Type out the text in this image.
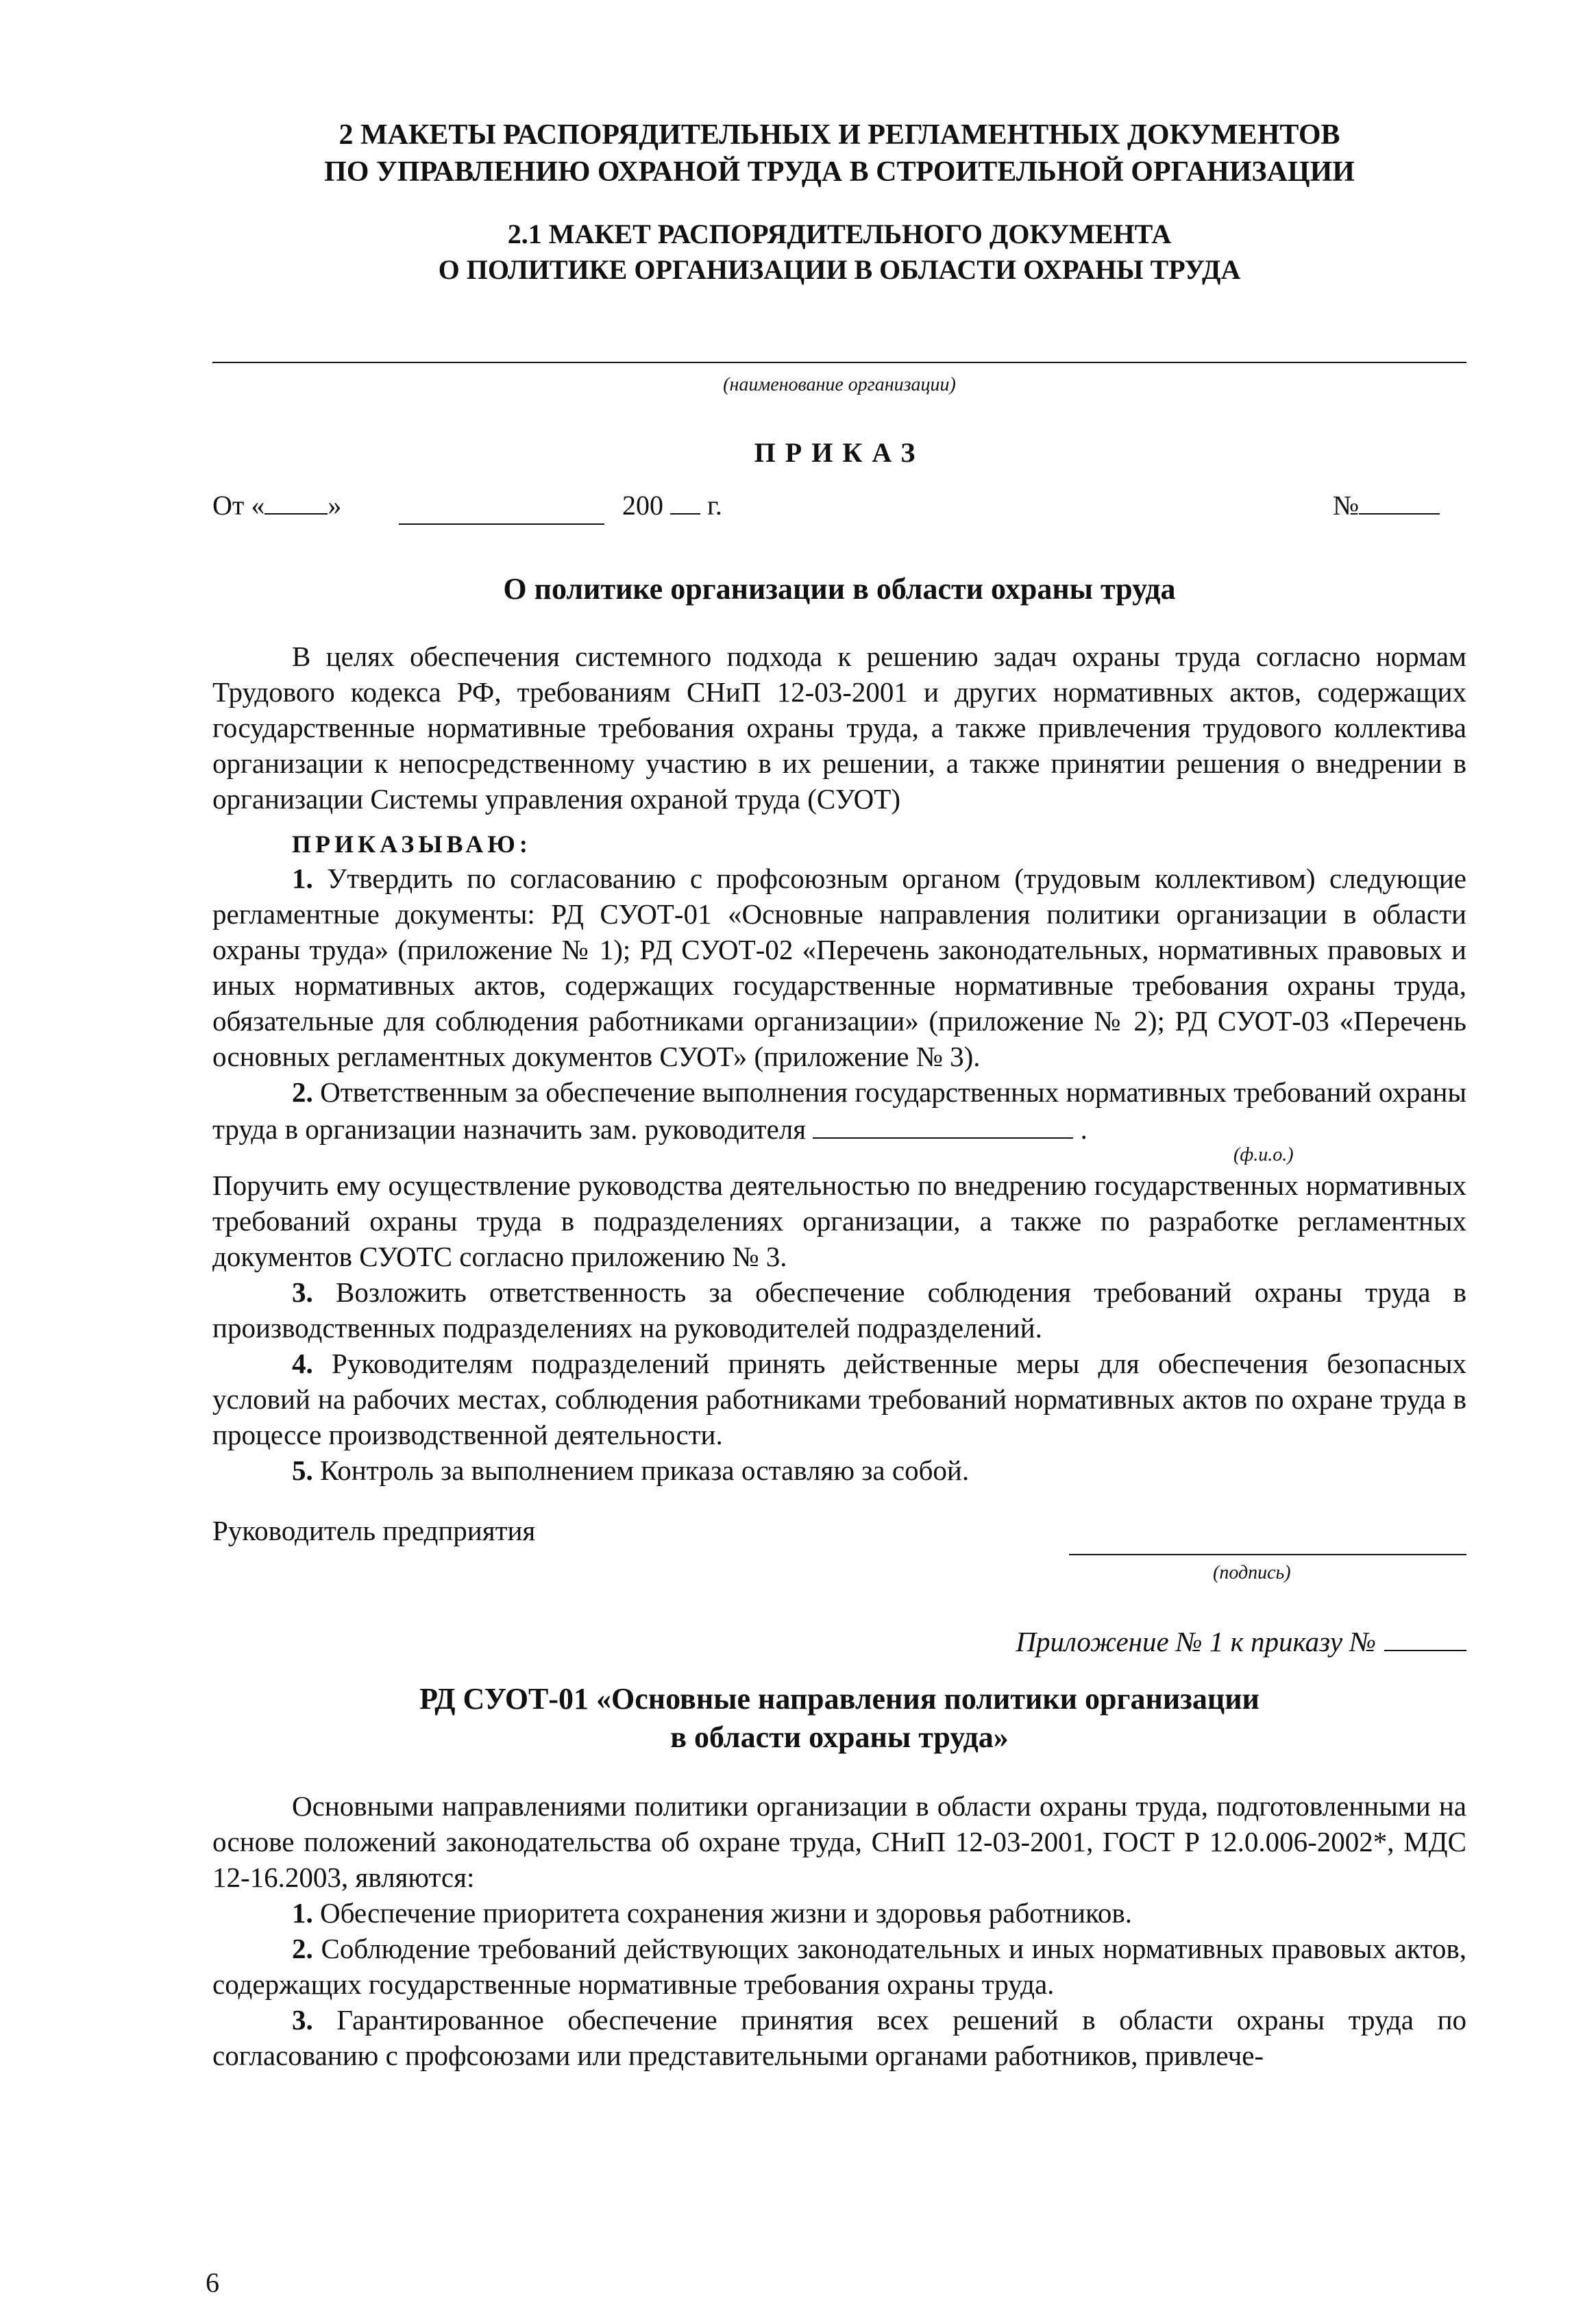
2 МАКЕТЫ РАСПОРЯДИТЕЛЬНЫХ И РЕГЛАМЕНТНЫХ ДОКУМЕНТОВ
ПО УПРАВЛЕНИЮ ОХРАНОЙ ТРУДА В СТРОИТЕЛЬНОЙ ОРГАНИЗАЦИИ
2.1 МАКЕТ РАСПОРЯДИТЕЛЬНОГО ДОКУМЕНТА
О ПОЛИТИКЕ ОРГАНИЗАЦИИ В ОБЛАСТИ ОХРАНЫ ТРУДА
(наименование организации)
ПРИКАЗ
От « »	200 г.	№
О политике организации в области охраны труда

В целях обеспечения системного подхода к решению задач охраны труда согласно нормам Трудового кодекса РФ, требованиям СНиП 12-03-2001 и других нормативных актов, содержащих государственные нормативные требования охраны труда, а также привлечения трудового коллектива организации к непосредственному участию в их решении, а также принятии решения о внедрении в организации Системы управления охраной труда (СУОТ)

ПРИКАЗЫВАЮ:

1. Утвердить по согласованию с профсоюзным органом (трудовым коллективом) следующие регламентные документы: РД СУОТ-01 «Основные направления политики организации в области охраны труда» (приложение № 1); РД СУОТ-02 «Перечень законодательных, нормативных правовых и иных нормативных актов, содержащих государственные нормативные требования охраны труда, обязательные для соблюдения работниками организации» (приложение № 2); РД СУОТ-03 «Перечень основных регламентных документов СУОТ» (приложение № 3).

2. Ответственным за обеспечение выполнения государственных нормативных требований охраны труда в организации назначить зам. руководителя	.

(ф.и.о.)

Поручить ему осуществление руководства деятельностью по внедрению государственных нормативных требований охраны труда в подразделениях организации, а также по разработке регламентных документов СУОТС согласно приложению № 3.

3. Возложить ответственность за обеспечение соблюдения требований охраны труда в производственных подразделениях на руководителей подразделений.

4. Руководителям подразделений принять действенные меры для обеспечения безопасных условий на рабочих местах, соблюдения работниками требований нормативных актов по охране труда в процессе производственной деятельности.

5. Контроль за выполнением приказа оставляю за собой.

Руководитель предприятия
(подпись)
Приложение № 1 к приказу №
РД СУОТ-01 «Основные направления политики организации
в области охраны труда»

Основными направлениями политики организации в области охраны труда, подготовленными на основе положений законодательства об охране труда, СНиП 12-03-2001, ГОСТ Р 12.0.006-2002*, МДС 12-16.2003, являются:

1. Обеспечение приоритета сохранения жизни и здоровья работников.

2. Соблюдение требований действующих законодательных и иных нормативных правовых актов, содержащих государственные нормативные требования охраны труда.

3. Гарантированное обеспечение принятия всех решений в области охраны труда по согласованию с профсоюзами или представительными органами работников, привлече-

6
